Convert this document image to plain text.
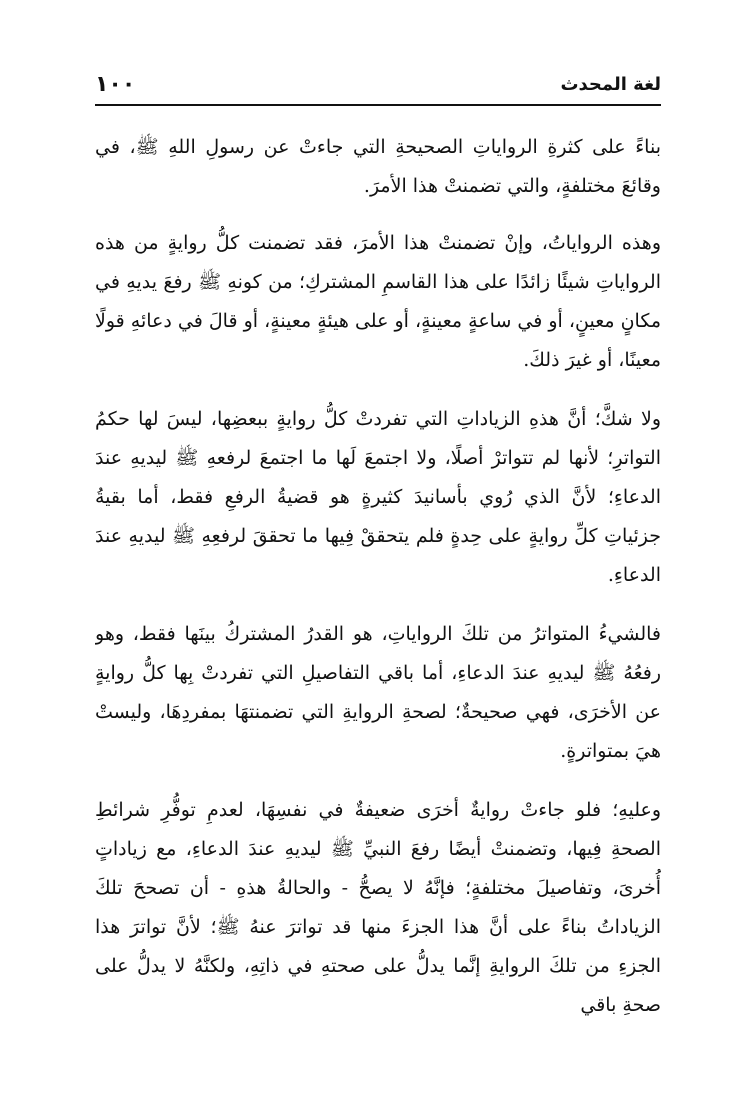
لغة المحدث
١٠٠

بناءً على كثرةِ الرواياتِ الصحيحةِ التي جاءتْ عن رسولِ اللهِ ﷺ، في وقائعَ مختلفةٍ، والتي تضمنتْ هذا الأمرَ.

وهذه الرواياتُ، وإنْ تضمنتْ هذا الأمرَ، فقد تضمنت كلُّ روايةٍ من هذه الرواياتِ شيئًا زائدًا على هذا القاسمِ المشتركِ؛ من كونهِ ﷺ رفعَ يديهِ في مكانٍ معينٍ، أو في ساعةٍ معينةٍ، أو على هيئةٍ معينةٍ، أو قالَ في دعائهِ قولًا معينًا، أو غيرَ ذلكَ.

ولا شكَّ؛ أنَّ هذهِ الزياداتِ التي تفردتْ كلُّ روايةٍ ببعضِها، ليسَ لها حكمُ التواترِ؛ لأنها لم تتواترْ أصلًا، ولا اجتمعَ لَها ما اجتمعَ لرفعهِ ﷺ ليديهِ عندَ الدعاءِ؛ لأنَّ الذي رُوي بأسانيدَ كثيرةٍ هو قضيةُ الرفعِ فقط، أما بقيةُ جزئياتِ كلِّ روايةٍ على حِدةٍ فلم يتحققْ فِيها ما تحققَ لرفعِهِ ﷺ ليديهِ عندَ الدعاءِ.

فالشيءُ المتواترُ من تلكَ الرواياتِ، هو القدرُ المشتركُ بينَها فقط، وهو رفعُهُ ﷺ ليديهِ عندَ الدعاءِ، أما باقي التفاصيلِ التي تفردتْ بِها كلُّ روايةٍ عن الأخرَى، فهي صحيحةٌ؛ لصحةِ الروايةِ التي تضمنتهَا بمفردِهَا، وليستْ هيَ بمتواترةٍ.

وعليهِ؛ فلو جاءتْ روايةٌ أخرَى ضعيفةٌ في نفسِهَا، لعدمِ توفُّرِ شرائطِ الصحةِ فِيها، وتضمنتْ أيضًا رفعَ النبيِّ ﷺ ليديهِ عندَ الدعاءِ، مع زياداتٍ أُخرىَ، وتفاصيلَ مختلفةٍ؛ فإنَّهُ لا يصحُّ - والحالةُ هذهِ - أن تصححَ تلكَ الزياداتُ بناءً على أنَّ هذا الجزءَ منها قد تواترَ عنهُ ﷺ؛ لأنَّ تواترَ هذا الجزءِ من تلكَ الروايةِ إنَّما يدلُّ على صحتهِ في ذاتِهِ، ولكنَّهُ لا يدلُّ على صحةِ باقي
